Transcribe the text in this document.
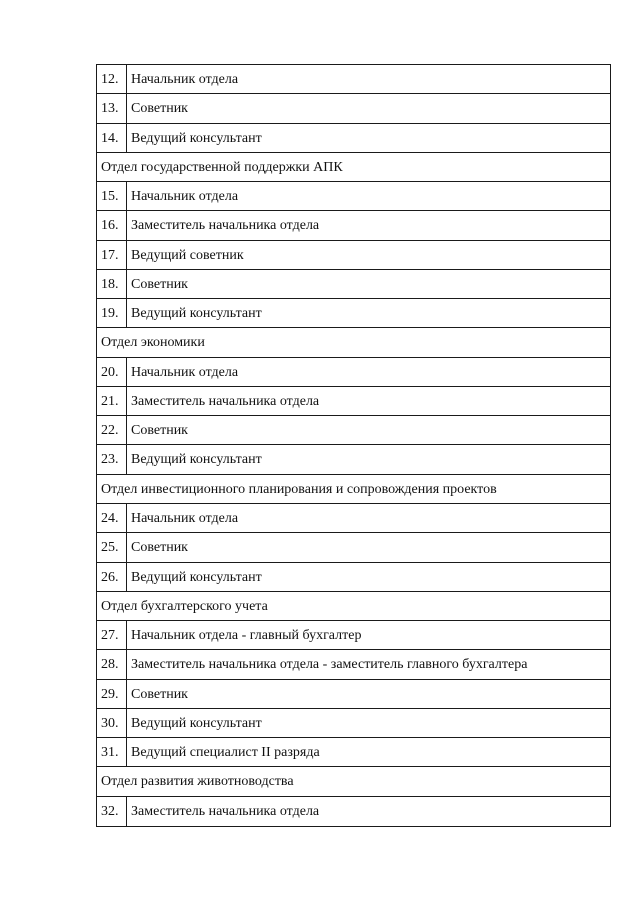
12. Начальник отдела
13. Советник
14. Ведущий консультант
Отдел государственной поддержки АПК
15. Начальник отдела
16. Заместитель начальника отдела
17. Ведущий советник
18. Советник
19. Ведущий консультант
Отдел экономики
20. Начальник отдела
21. Заместитель начальника отдела
22. Советник
23. Ведущий консультант
Отдел инвестиционного планирования и сопровождения проектов
24. Начальник отдела
25. Советник
26. Ведущий консультант
Отдел бухгалтерского учета
27. Начальник отдела - главный бухгалтер
28. Заместитель начальника отдела - заместитель главного бухгалтера
29. Советник
30. Ведущий консультант
31. Ведущий специалист II разряда
Отдел развития животноводства
32. Заместитель начальника отдела
